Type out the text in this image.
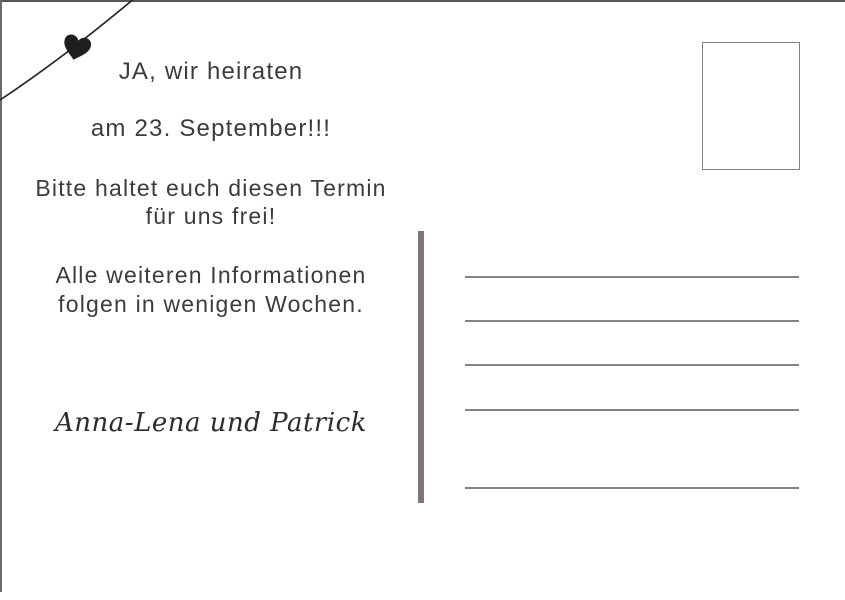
JA, wir heiraten
am 23. September!!!
Bitte haltet euch diesen Termin
für uns frei!
Alle weiteren Informationen
folgen in wenigen Wochen.
Anna-Lena und Patrick
